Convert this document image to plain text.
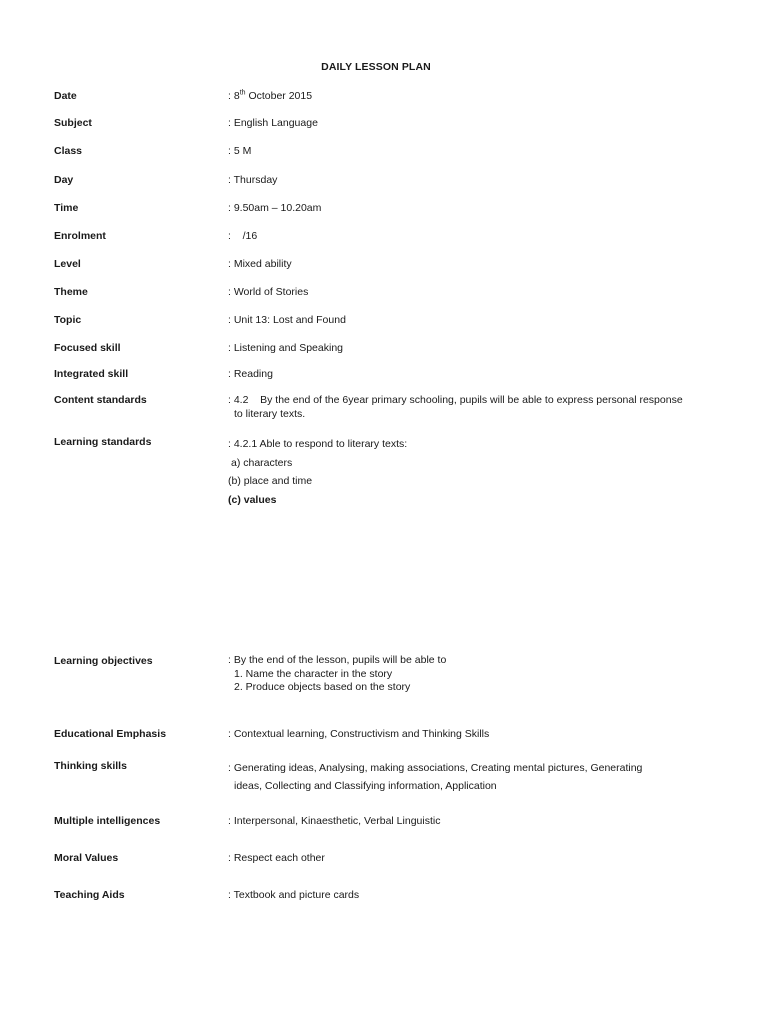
DAILY LESSON PLAN
Date	: 8th October 2015
Subject	: English Language
Class	: 5 M
Day	: Thursday
Time	: 9.50am – 10.20am
Enrolment	:    /16
Level	: Mixed ability
Theme	: World of Stories
Topic	: Unit 13: Lost and Found
Focused skill	: Listening and Speaking
Integrated skill	: Reading
Content standards	: 4.2    By the end of the 6year primary schooling, pupils will be able to express personal response
to literary texts.
Learning standards	: 4.2.1 Able to respond to literary texts:
a) characters
(b) place and time
(c) values
Learning objectives	: By the end of the lesson, pupils will be able to
1. Name the character in the story
2. Produce objects based on the story
Educational Emphasis	: Contextual learning, Constructivism and Thinking Skills
Thinking skills	: Generating ideas, Analysing, making associations, Creating mental pictures, Generating
ideas, Collecting and Classifying information, Application
Multiple intelligences	: Interpersonal, Kinaesthetic, Verbal Linguistic
Moral Values	: Respect each other
Teaching Aids	: Textbook and picture cards
